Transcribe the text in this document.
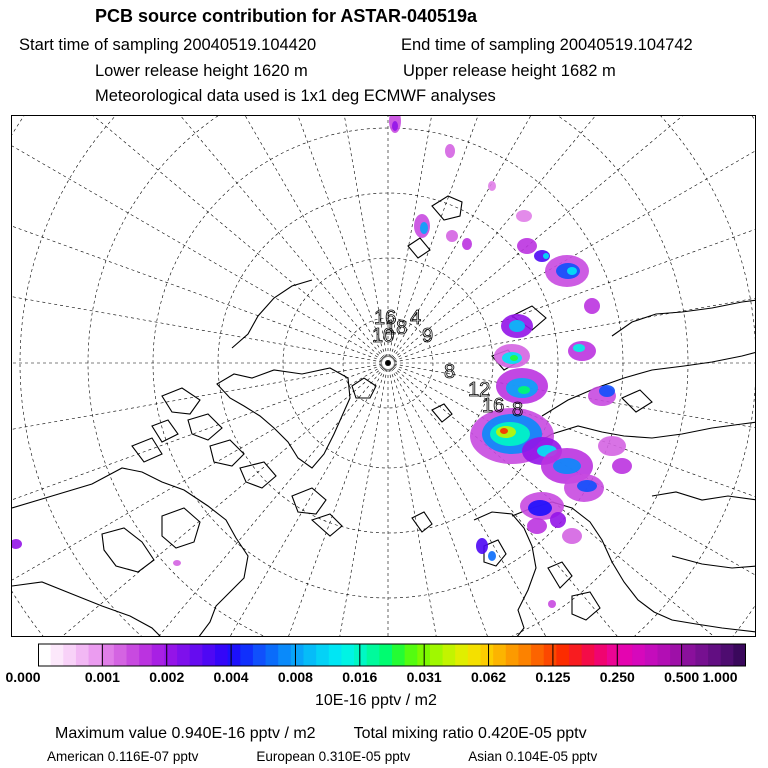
PCB source contribution for ASTAR-040519a
Start time of sampling 20040519.104420	End time of sampling 20040519.104742
Lower release height 1620 m	Upper release height 1682 m
Meteorological data used is 1x1 deg ECMWF analyses
16
18
10
4
9
8
12
16 8
0.000	0.001 0.002 0.004 0.008 0.016 0.031 0.062 0.125 0.250 0.500 1.000
10E-16 pptv / m2
Maximum value 0.940E-16 pptv / m2 Total mixing ratio 0.420E-05 pptv
American 0.116E-07 pptv	European 0.310E-05 pptv	Asian 0.104E-05 pptv
